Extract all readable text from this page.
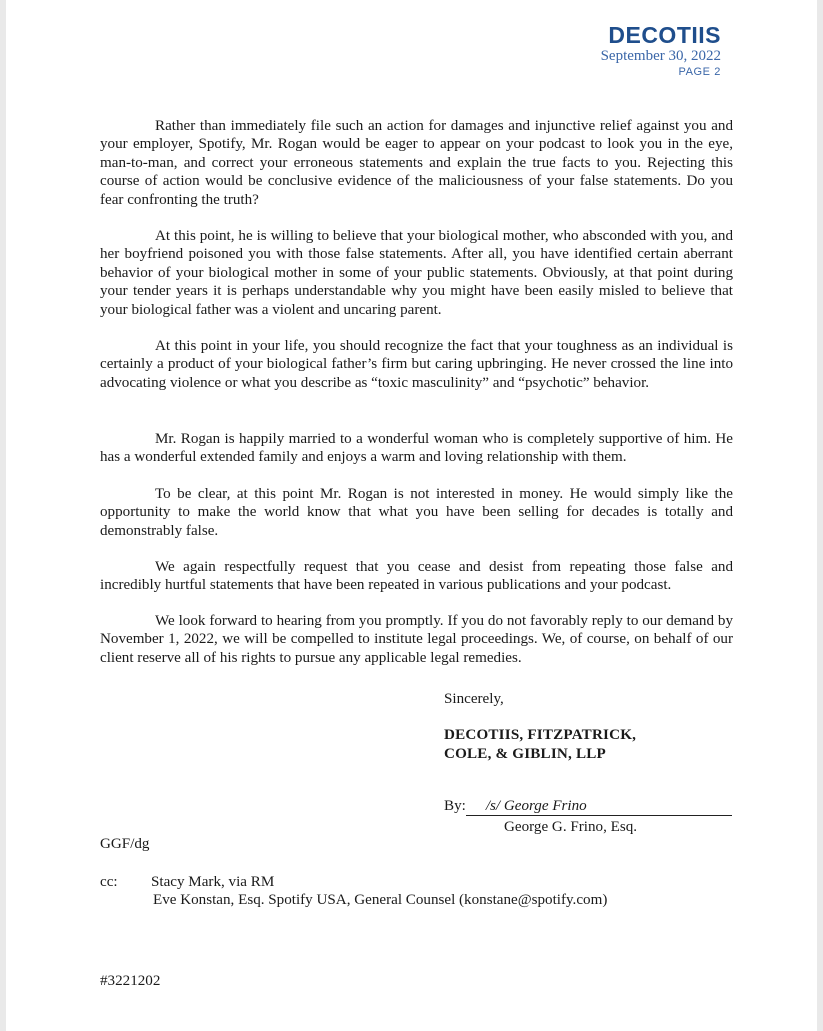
DECOTIIS
September 30, 2022
PAGE 2

Rather than immediately file such an action for damages and injunctive relief against you and your employer, Spotify, Mr. Rogan would be eager to appear on your podcast to look you in the eye, man-to-man, and correct your erroneous statements and explain the true facts to you. Rejecting this course of action would be conclusive evidence of the maliciousness of your false statements. Do you fear confronting the truth?

At this point, he is willing to believe that your biological mother, who absconded with you, and her boyfriend poisoned you with those false statements. After all, you have identified certain aberrant behavior of your biological mother in some of your public statements. Obviously, at that point during your tender years it is perhaps understandable why you might have been easily misled to believe that your biological father was a violent and uncaring parent.

At this point in your life, you should recognize the fact that your toughness as an individual is certainly a product of your biological father’s firm but caring upbringing. He never crossed the line into advocating violence or what you describe as “toxic masculinity” and “psychotic” behavior.

Mr. Rogan is happily married to a wonderful woman who is completely supportive of him. He has a wonderful extended family and enjoys a warm and loving relationship with them.

To be clear, at this point Mr. Rogan is not interested in money. He would simply like the opportunity to make the world know that what you have been selling for decades is totally and demonstrably false.

We again respectfully request that you cease and desist from repeating those false and incredibly hurtful statements that have been repeated in various publications and your podcast.

We look forward to hearing from you promptly. If you do not favorably reply to our demand by November 1, 2022, we will be compelled to institute legal proceedings. We, of course, on behalf of our client reserve all of his rights to pursue any applicable legal remedies.

Sincerely,
DECOTIIS, FITZPATRICK,
COLE, & GIBLIN, LLP
By: /s/ George Frino
George G. Frino, Esq.
GGF/dg
cc: Stacy Mark, via RM
Eve Konstan, Esq. Spotify USA, General Counsel (konstane@spotify.com)
#3221202
